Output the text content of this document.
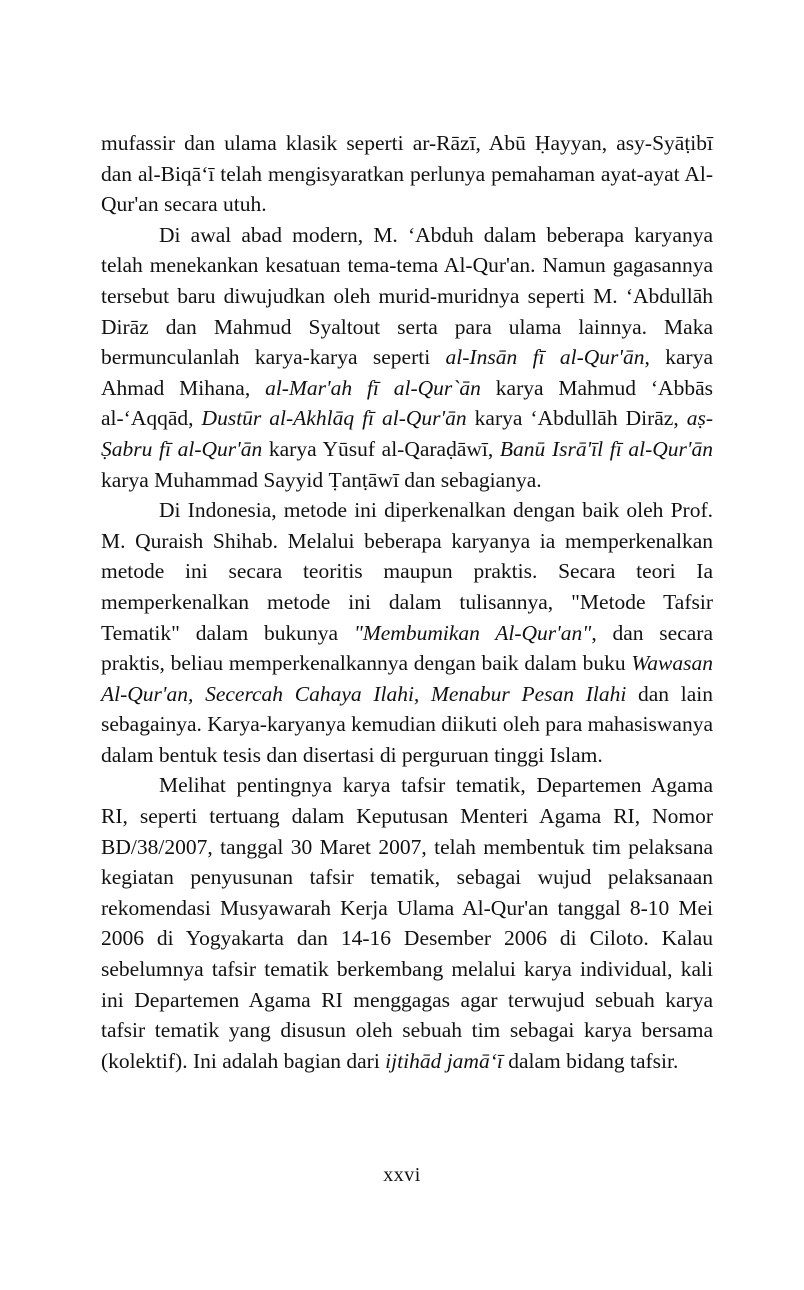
mufassir dan ulama klasik seperti ar-Rāzī, Abū Ḥayyan, asy-Syāṭibī dan al-Biqā‘ī telah mengisyaratkan perlunya pemahaman ayat-ayat Al-Qur'an secara utuh.

Di awal abad modern, M. ‘Abduh dalam beberapa karyanya telah menekankan kesatuan tema-tema Al-Qur'an. Namun gagasannya tersebut baru diwujudkan oleh murid-muridnya seperti M. ‘Abdullāh Dirāz dan Mahmud Syaltout serta para ulama lainnya. Maka bermunculanlah karya-karya seperti al-Insān fī al-Qur'ān, karya Ahmad Mihana, al-Mar'ah fī al-Qur`ān karya Mahmud ‘Abbās al-‘Aqqād, Dustūr al-Akhlāq fī al-Qur'ān karya ‘Abdullāh Dirāz, aṣ-Ṣabru fī al-Qur'ān karya Yūsuf al-Qaraḍāwī, Banū Isrā'īl fī al-Qur'ān karya Muhammad Sayyid Ṭanṭāwī dan sebagianya.

Di Indonesia, metode ini diperkenalkan dengan baik oleh Prof. M. Quraish Shihab. Melalui beberapa karyanya ia memperkenalkan metode ini secara teoritis maupun praktis. Secara teori Ia memperkenalkan metode ini dalam tulisannya, "Metode Tafsir Tematik" dalam bukunya "Membumikan Al-Qur'an", dan secara praktis, beliau memperkenalkannya dengan baik dalam buku Wawasan Al-Qur'an, Secercah Cahaya Ilahi, Menabur Pesan Ilahi dan lain sebagainya. Karya-karyanya kemudian diikuti oleh para mahasiswanya dalam bentuk tesis dan disertasi di perguruan tinggi Islam.

Melihat pentingnya karya tafsir tematik, Departemen Agama RI, seperti tertuang dalam Keputusan Menteri Agama RI, Nomor BD/38/2007, tanggal 30 Maret 2007, telah membentuk tim pelaksana kegiatan penyusunan tafsir tematik, sebagai wujud pelaksanaan rekomendasi Musyawarah Kerja Ulama Al-Qur'an tanggal 8-10 Mei 2006 di Yogyakarta dan 14-16 Desember 2006 di Ciloto. Kalau sebelumnya tafsir tematik berkembang melalui karya individual, kali ini Departemen Agama RI menggagas agar terwujud sebuah karya tafsir tematik yang disusun oleh sebuah tim sebagai karya bersama (kolektif). Ini adalah bagian dari ijtihād jamā‘ī dalam bidang tafsir.

xxvi
